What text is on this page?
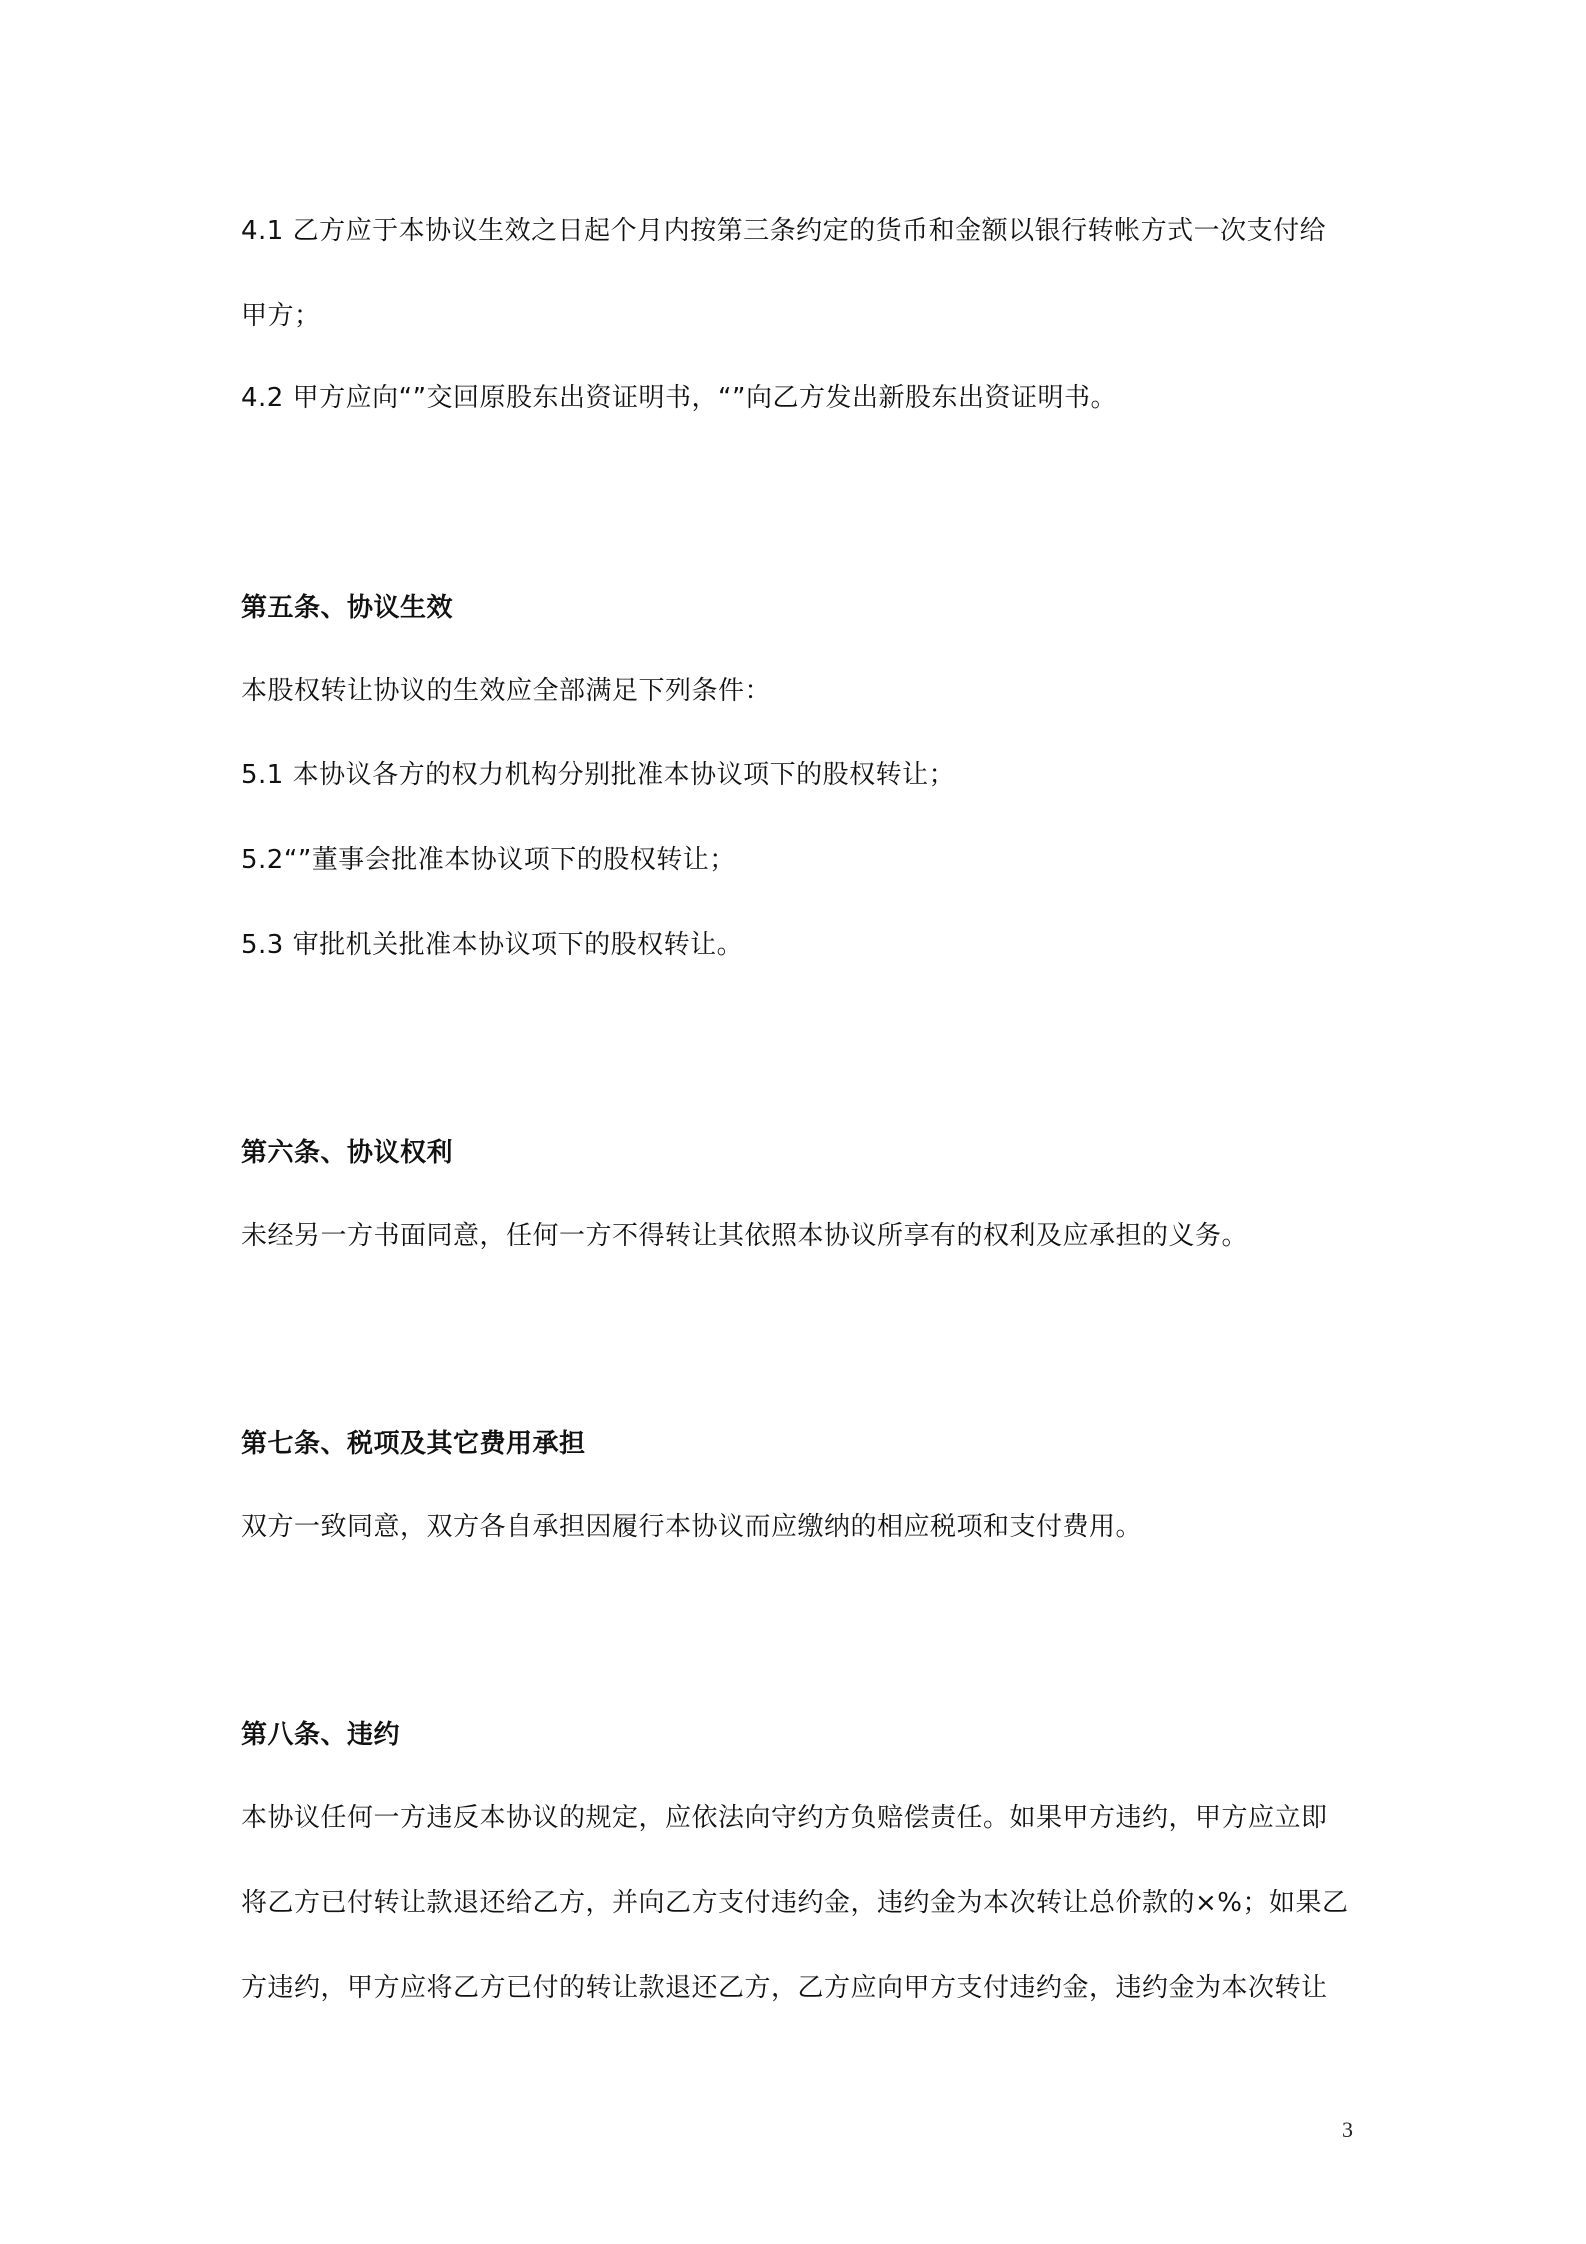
4.1 乙方应于本协议生效之日起个月内按第三条约定的货币和金额以银行转帐方式一次支付给
甲方；
4.2 甲方应向“”交回原股东出资证明书，“”向乙方发出新股东出资证明书。
第五条、协议生效
本股权转让协议的生效应全部满足下列条件：
5.1 本协议各方的权力机构分别批准本协议项下的股权转让；
5.2“”董事会批准本协议项下的股权转让；
5.3 审批机关批准本协议项下的股权转让。
第六条、协议权利
未经另一方书面同意，任何一方不得转让其依照本协议所享有的权利及应承担的义务。
第七条、税项及其它费用承担
双方一致同意，双方各自承担因履行本协议而应缴纳的相应税项和支付费用。
第八条、违约
本协议任何一方违反本协议的规定，应依法向守约方负赔偿责任。如果甲方违约，甲方应立即
将乙方已付转让款退还给乙方，并向乙方支付违约金，违约金为本次转让总价款的×%；如果乙
方违约，甲方应将乙方已付的转让款退还乙方，乙方应向甲方支付违约金，违约金为本次转让
3
